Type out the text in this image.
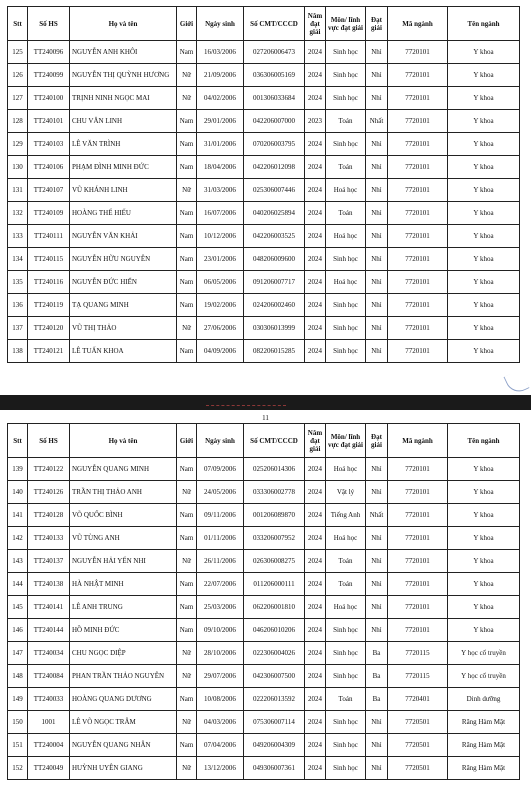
Stt	Số HS	Họ và tên	Giới	Ngày sinh	Số CMT/CCCD	Năm đạt giải	Môn/ lĩnh vực đạt giải	Đạt giải	Mã ngành	Tên ngành
125	TT240096	NGUYỄN ANH KHÔI	Nam	16/03/2006	027206006473	2024	Sinh học	Nhì	7720101	Y khoa
126	TT240099	NGUYỄN THỊ QUỲNH HƯƠNG	Nữ	21/09/2006	036306005169	2024	Sinh học	Nhì	7720101	Y khoa
127	TT240100	TRỊNH NINH NGỌC MAI	Nữ	04/02/2006	001306033684	2024	Sinh học	Nhì	7720101	Y khoa
128	TT240101	CHU VĂN LINH	Nam	29/01/2006	042206007000	2023	Toán	Nhất	7720101	Y khoa
129	TT240103	LÊ VĂN TRÌNH	Nam	31/01/2006	070206003795	2024	Sinh học	Nhì	7720101	Y khoa
130	TT240106	PHẠM ĐÌNH MINH ĐỨC	Nam	18/04/2006	042206012098	2024	Toán	Nhì	7720101	Y khoa
131	TT240107	VŨ KHÁNH LINH	Nữ	31/03/2006	025306007446	2024	Hoá học	Nhì	7720101	Y khoa
132	TT240109	HOÀNG THẾ HIẾU	Nam	16/07/2006	040206025894	2024	Toán	Nhì	7720101	Y khoa
133	TT240111	NGUYỄN VĂN KHẢI	Nam	10/12/2006	042206003525	2024	Hoá học	Nhì	7720101	Y khoa
134	TT240115	NGUYỄN HỮU NGUYÊN	Nam	23/01/2006	048206009600	2024	Sinh học	Nhì	7720101	Y khoa
135	TT240116	NGUYỄN ĐỨC HIỂN	Nam	06/05/2006	091206007717	2024	Hoá học	Nhì	7720101	Y khoa
136	TT240119	TẠ QUANG MINH	Nam	19/02/2006	024206002460	2024	Sinh học	Nhì	7720101	Y khoa
137	TT240120	VŨ THỊ THẢO	Nữ	27/06/2006	030306013999	2024	Sinh học	Nhì	7720101	Y khoa
138	TT240121	LÊ TUẤN KHOA	Nam	04/09/2006	082206015285	2024	Sinh học	Nhì	7720101	Y khoa
11
Stt	Số HS	Họ và tên	Giới	Ngày sinh	Số CMT/CCCD	Năm đạt giải	Môn/ lĩnh vực đạt giải	Đạt giải	Mã ngành	Tên ngành
139	TT240122	NGUYỄN QUANG MINH	Nam	07/09/2006	025206014306	2024	Hoá học	Nhì	7720101	Y khoa
140	TT240126	TRẦN THỊ THẢO ANH	Nữ	24/05/2006	033306002778	2024	Vật lý	Nhì	7720101	Y khoa
141	TT240128	VÕ QUỐC BÌNH	Nam	09/11/2006	001206089870	2024	Tiếng Anh	Nhất	7720101	Y khoa
142	TT240133	VŨ TÙNG ANH	Nam	01/11/2006	033206007952	2024	Hoá học	Nhì	7720101	Y khoa
143	TT240137	NGUYỄN HẢI YẾN NHI	Nữ	26/11/2006	026306008275	2024	Toán	Nhì	7720101	Y khoa
144	TT240138	HÀ NHẬT MINH	Nam	22/07/2006	011206000111	2024	Toán	Nhì	7720101	Y khoa
145	TT240141	LÊ ANH TRUNG	Nam	25/03/2006	062206001810	2024	Hoá học	Nhì	7720101	Y khoa
146	TT240144	HỒ MINH ĐỨC	Nam	09/10/2006	046206010206	2024	Sinh học	Nhì	7720101	Y khoa
147	TT240034	CHU NGỌC DIỆP	Nữ	28/10/2006	022306004026	2024	Sinh học	Ba	7720115	Y học cổ truyền
148	TT240084	PHAN TRẦN THẢO NGUYÊN	Nữ	29/07/2006	042306007500	2024	Sinh học	Ba	7720115	Y học cổ truyền
149	TT240033	HOÀNG QUANG DƯƠNG	Nam	10/08/2006	022206013592	2024	Toán	Ba	7720401	Dinh dưỡng
150	1001	LÊ VÕ NGỌC TRÂM	Nữ	04/03/2006	075306007114	2024	Sinh học	Nhì	7720501	Răng Hàm Mặt
151	TT240004	NGUYỄN QUANG NHÂN	Nam	07/04/2006	049206004309	2024	Sinh học	Nhì	7720501	Răng Hàm Mặt
152	TT240049	HUỲNH UYÊN GIANG	Nữ	13/12/2006	049306007361	2024	Sinh học	Nhì	7720501	Răng Hàm Mặt
